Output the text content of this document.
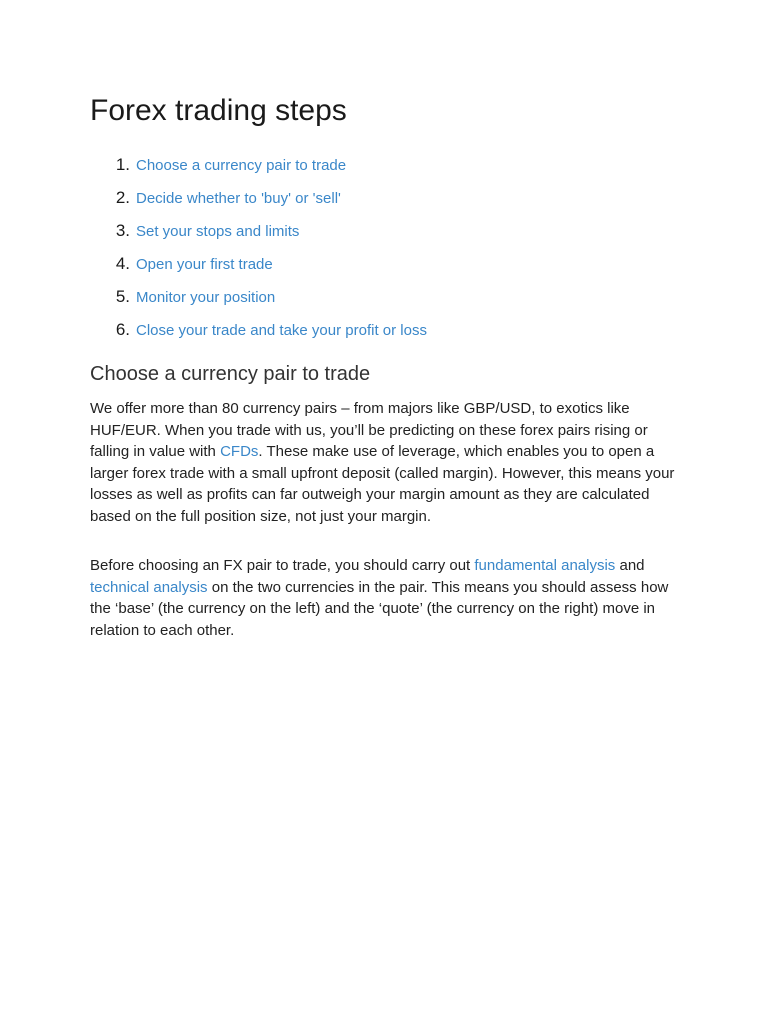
Forex trading steps
1. Choose a currency pair to trade
2. Decide whether to 'buy' or 'sell'
3. Set your stops and limits
4. Open your first trade
5. Monitor your position
6. Close your trade and take your profit or loss
Choose a currency pair to trade

We offer more than 80 currency pairs – from majors like GBP/USD, to exotics like HUF/EUR. When you trade with us, you’ll be predicting on these forex pairs rising or falling in value with CFDs. These make use of leverage, which enables you to open a larger forex trade with a small upfront deposit (called margin). However, this means your losses as well as profits can far outweigh your margin amount as they are calculated based on the full position size, not just your margin.

Before choosing an FX pair to trade, you should carry out fundamental analysis and technical analysis on the two currencies in the pair. This means you should assess how the ‘base’ (the currency on the left) and the ‘quote’ (the currency on the right) move in relation to each other.
